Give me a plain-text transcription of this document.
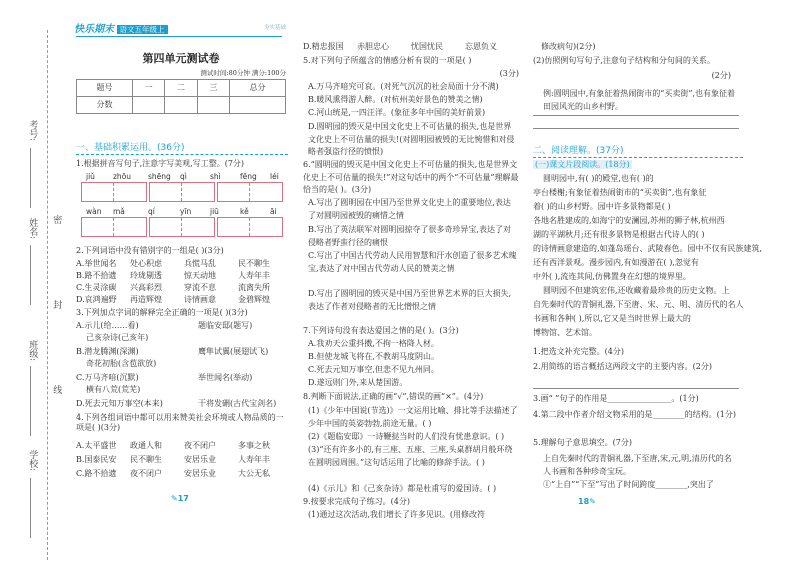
考号:
姓名:
班级:
学校:
密
封
线
快乐期末 语文五年级上	夯实基础
第四单元测试卷
测试时间:80分钟 满分:100分
题号	一	二	三	总分
分数				
一、基础积累运用。(36分)
1.根据拼音写句子,注意字写美观,写工整。(7分)
jiǔ zhōu shēng qì	shì	fēng léi
wàn mǎ	qí	yīn jiū	kě	āi
2.下列词语中没有错别字的一组是( )(3分)
A.举世闻名 处心积虑	兵慌马乱	民不聊生
B.路不拾遗 玲珑剔透	惊天动地	人寿年丰
C.生灵涂碳 兴高彩烈	穿流不息	流离失所
D.哀鸿遍野 再造辉煌	诗情画意	金碧辉煌
3.下列加点字词的解释完全正确的一项是( )(3分)
A.示儿(给……看)	题临安邸(题写)
己亥杂诗(己亥年)
B.潜龙腾渊(深渊)	鹰隼试翼(展翅试飞)
奇花初胎(含苞欲放)
C.万马齐喑(沉默)	举世闻名(举动)
横有八荒(荒芜)
D.死去元知万事空(本来)	干将发硎(古代宝剑名)
4.下列各组词语中都可以用来赞美社会环境或人物品质的一项是( )(3分)
A.太平盛世 政通人和	夜不闭户	多事之秋
B.国泰民安 民不聊生	安居乐业	人寿年丰
C.路不拾遗 夜不闭户	安居乐业	大公无私
✎17
D.精忠报国 赤胆忠心	忧国忧民	忘恩负义
5.对下列句子所蕴含的情感分析有误的一项是( )
(3分)
A.万马齐喑究可哀。(对死气沉沉的社会局面十分不满)
B.暖风熏得游人醉。(对杭州美好景色的赞美之情)
C.河山统是,一四汪洋。(象征多年中国的美好前景)
D.圆明园的毁灭是中国文化史上不可估量的损失,也是世界文化史上不可估量的损失!(对圆明园被毁的无比惋惜和对侵略者强盗行径的愤恨)
6.“圆明园的毁灭是中国文化史上不可估量的损失,也是世界文化史上不可估量的损失!”对这句话中的两个“不可估量”理解最恰当的是( )。(3分)
A.写出了圆明园在中国乃至世界文化史上的重要地位,表达了对圆明园被毁的痛惜之情
B.写出了英法联军对圆明园掠夺了很多奇珍异宝,表达了对侵略者野蛮行径的痛恨
C.写出了中国古代劳动人民用智慧和汗水创造了很多艺术瑰宝,表达了对中国古代劳动人民的赞美之情
D.写出了圆明园的毁灭是中国乃至世界艺术界的巨大损失,表达了作者对侵略者的无比憎恨之情
7.下列诗句没有表达爱国之情的是( )。(3分)
A.我劝天公重抖擞,不拘一格降人材。
B.但使龙城飞将在,不教胡马度阴山。
C.死去元知万事空,但悲不见九州同。
D.遂远则门外,来从楚国游。
8.判断下面说法,正确的画“√”,错误的画“×”。(4分)
(1)《少年中国说(节选)》一文运用比喻、排比等手法描述了少年中国的英姿勃勃,前途无量。( )
(2)《题临安邸》一诗鞭挞当时的人们没有忧患意识。( )
(3)“还有许多小的,有三座、五座、三座,头桌群胡月般环绕在圆明园周围。”这句话运用了比喻的修辞手法。( )
(4)《示儿》和《己亥杂诗》都是杜甫写的爱国诗。( )
9.按要求完成句子练习。(4分)
(1)通过这次活动,我们增长了许多见识。(用修改符
修改病句)(2分)
(2)仿照例句写句子,注意句子结构和分句间的关系。
(2分)
例:圆明园中,有象征着热闹街市的“买卖街”,也有象征着田园风光的山乡村野。
二、阅读理解。(37分)
(一)课文片段阅读。(18分)
圆明园中,有( )的殿堂,也有( )的
亭台楼榭;有象征着热闹街市的“买卖街”,也有象征
着( )的山乡村野。园中许多景物都是( )
各地名胜建成的,如海宁的安澜园,苏州的狮子林,杭州西
湖的平湖秋月;还有很多景物是根据古代诗人的( )
的诗情画意建造的,如蓬岛瑶台、武陵春色。园中不仅有民族建筑,
还有西洋景观。漫步园内,有如漫游在( ),忽觉有
中外( ),流连其间,仿佛置身在幻想的境界里。
圆明园不但建筑宏伟,还收藏着最珍贵的历史文物。上
自先秦时代的青铜礼器,下至唐、宋、元、明、清历代的名人
书画和各种( ),所以,它又是当时世界上最大的
博物馆、艺术馆。
1.把选文补充完整。(4分)
2.用简练的语言概括这两段文字的主要内容。(2分)
3.画“ ”句子的作用是________________。(1分)
4.第二段中作者介绍文物采用的是________的结构。(1分)
5.理解句子意思填空。(7分)
上自先秦时代的青铜礼器,下至唐,宋,元,明,清历代的名人书画和各种珍奇宝玩。
①“上自”“下至”写出了时间跨度________,突出了
18✎
